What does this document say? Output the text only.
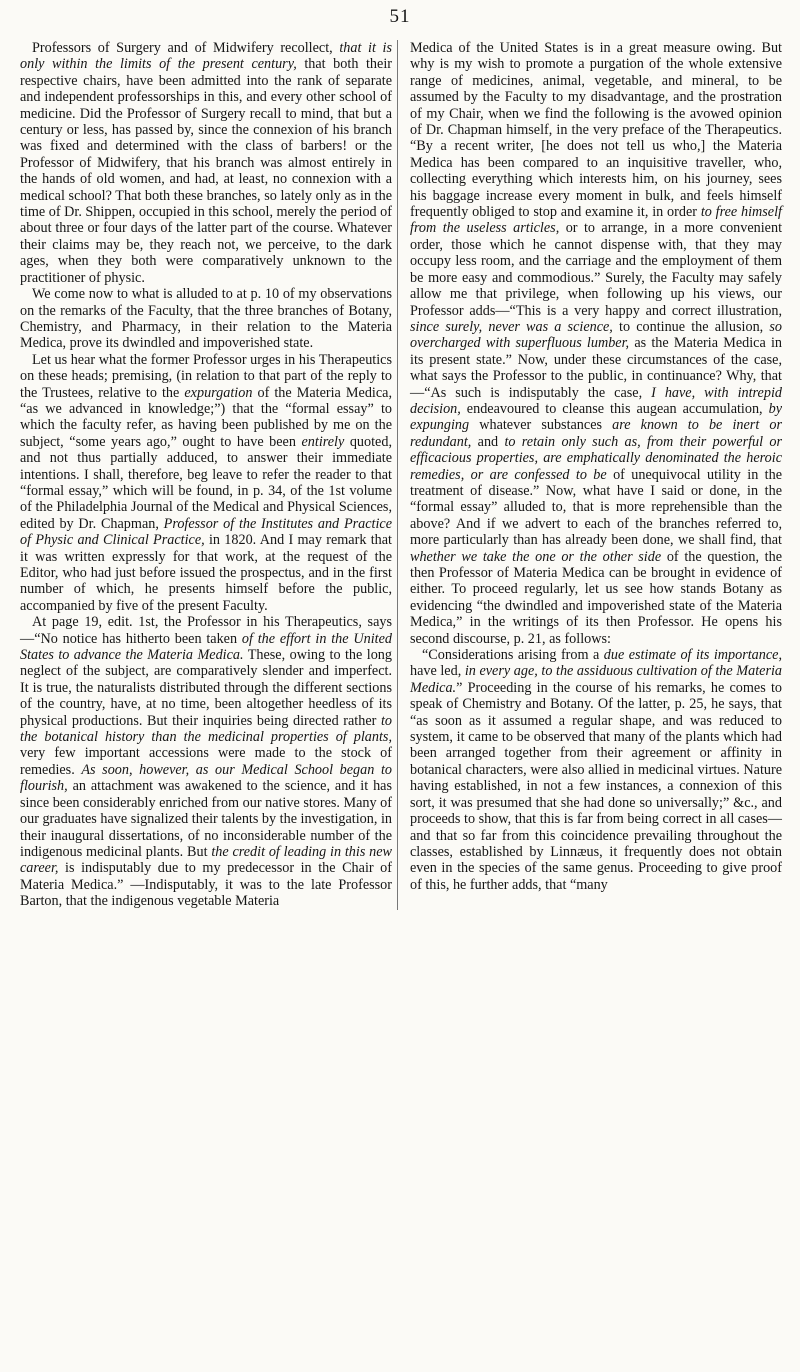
51

Professors of Surgery and of Midwifery recollect, that it is only within the limits of the present century, that both their respective chairs, have been admitted into the rank of separate and independent professorships in this, and every other school of medicine. Did the Professor of Surgery recall to mind, that but a century or less, has passed by, since the connexion of his branch was fixed and determined with the class of barbers! or the Professor of Midwifery, that his branch was almost entirely in the hands of old women, and had, at least, no connexion with a medical school? That both these branches, so lately only as in the time of Dr. Shippen, occupied in this school, merely the period of about three or four days of the latter part of the course. Whatever their claims may be, they reach not, we perceive, to the dark ages, when they both were comparatively unknown to the practitioner of physic.

We come now to what is alluded to at p. 10 of my observations on the remarks of the Faculty, that the three branches of Botany, Chemistry, and Pharmacy, in their relation to the Materia Medica, prove its dwindled and impoverished state.

Let us hear what the former Professor urges in his Therapeutics on these heads; premising, (in relation to that part of the reply to the Trustees, relative to the expurgation of the Materia Medica, “as we advanced in knowledge;”) that the “formal essay” to which the faculty refer, as having been published by me on the subject, “some years ago,” ought to have been entirely quoted, and not thus partially adduced, to answer their immediate intentions. I shall, therefore, beg leave to refer the reader to that “formal essay,” which will be found, in p. 34, of the 1st volume of the Philadelphia Journal of the Medical and Physical Sciences, edited by Dr. Chapman, Professor of the Institutes and Practice of Physic and Clinical Practice, in 1820. And I may remark that it was written expressly for that work, at the request of the Editor, who had just before issued the prospectus, and in the first number of which, he presents himself before the public, accompanied by five of the present Faculty.

At page 19, edit. 1st, the Professor in his Therapeutics, says—“No notice has hitherto been taken of the effort in the United States to advance the Materia Medica. These, owing to the long neglect of the subject, are comparatively slender and imperfect. It is true, the naturalists distributed through the different sections of the country, have, at no time, been altogether heedless of its physical productions. But their inquiries being directed rather to the botanical history than the medicinal properties of plants, very few important accessions were made to the stock of remedies. As soon, however, as our Medical School began to flourish, an attachment was awakened to the science, and it has since been considerably enriched from our native stores. Many of our graduates have signalized their talents by the investigation, in their inaugural dissertations, of no inconsiderable number of the indigenous medicinal plants. But the credit of leading in this new career, is indisputably due to my predecessor in the Chair of Materia Medica.” —Indisputably, it was to the late Professor Barton, that the indigenous vegetable Materia

Medica of the United States is in a great measure owing. But why is my wish to promote a purgation of the whole extensive range of medicines, animal, vegetable, and mineral, to be assumed by the Faculty to my disadvantage, and the prostration of my Chair, when we find the following is the avowed opinion of Dr. Chapman himself, in the very preface of the Therapeutics. “By a recent writer, [he does not tell us who,] the Materia Medica has been compared to an inquisitive traveller, who, collecting everything which interests him, on his journey, sees his baggage increase every moment in bulk, and feels himself frequently obliged to stop and examine it, in order to free himself from the useless articles, or to arrange, in a more convenient order, those which he cannot dispense with, that they may occupy less room, and the carriage and the employment of them be more easy and commodious.” Surely, the Faculty may safely allow me that privilege, when following up his views, our Professor adds—“This is a very happy and correct illustration, since surely, never was a science, to continue the allusion, so overcharged with superfluous lumber, as the Materia Medica in its present state.” Now, under these circumstances of the case, what says the Professor to the public, in continuance? Why, that—“As such is indisputably the case, I have, with intrepid decision, endeavoured to cleanse this augean accumulation, by expunging whatever substances are known to be inert or redundant, and to retain only such as, from their powerful or efficacious properties, are emphatically denominated the heroic remedies, or are confessed to be of unequivocal utility in the treatment of disease.” Now, what have I said or done, in the “formal essay” alluded to, that is more reprehensible than the above? And if we advert to each of the branches referred to, more particularly than has already been done, we shall find, that whether we take the one or the other side of the question, the then Professor of Materia Medica can be brought in evidence of either. To proceed regularly, let us see how stands Botany as evidencing “the dwindled and impoverished state of the Materia Medica,” in the writings of its then Professor. He opens his second discourse, p. 21, as follows:

“Considerations arising from a due estimate of its importance, have led, in every age, to the assiduous cultivation of the Materia Medica.” Proceeding in the course of his remarks, he comes to speak of Chemistry and Botany. Of the latter, p. 25, he says, that “as soon as it assumed a regular shape, and was reduced to system, it came to be observed that many of the plants which had been arranged together from their agreement or affinity in botanical characters, were also allied in medicinal virtues. Nature having established, in not a few instances, a connexion of this sort, it was presumed that she had done so universally;” &c., and proceeds to show, that this is far from being correct in all cases—and that so far from this coincidence prevailing throughout the classes, established by Linnæus, it frequently does not obtain even in the species of the same genus. Proceeding to give proof of this, he further adds, that “many
